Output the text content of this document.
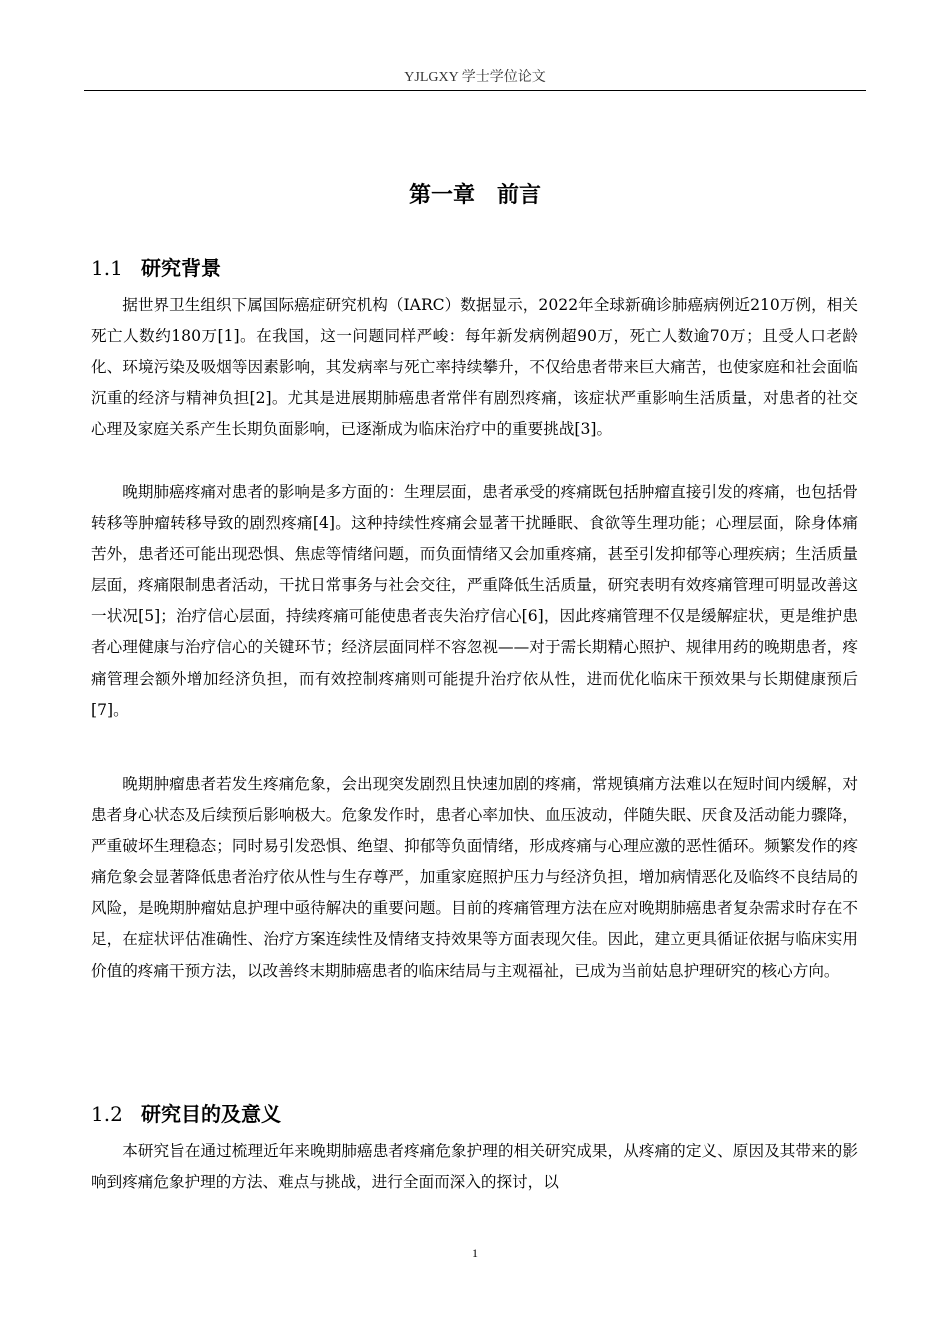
YJLGXY 学士学位论文
第一章　前言
1.1 研究背景

据世界卫生组织下属国际癌症研究机构（IARC）数据显示，2022年全球新确诊肺癌病例近210万例，相关死亡人数约180万[1]。在我国，这一问题同样严峻：每年新发病例超90万，死亡人数逾70万；且受人口老龄化、环境污染及吸烟等因素影响，其发病率与死亡率持续攀升，不仅给患者带来巨大痛苦，也使家庭和社会面临沉重的经济与精神负担[2]。尤其是进展期肺癌患者常伴有剧烈疼痛，该症状严重影响生活质量，对患者的社交心理及家庭关系产生长期负面影响，已逐渐成为临床治疗中的重要挑战[3]。

晚期肺癌疼痛对患者的影响是多方面的：生理层面，患者承受的疼痛既包括肿瘤直接引发的疼痛，也包括骨转移等肿瘤转移导致的剧烈疼痛[4]。这种持续性疼痛会显著干扰睡眠、食欲等生理功能；心理层面，除身体痛苦外，患者还可能出现恐惧、焦虑等情绪问题，而负面情绪又会加重疼痛，甚至引发抑郁等心理疾病；生活质量层面，疼痛限制患者活动，干扰日常事务与社会交往，严重降低生活质量，研究表明有效疼痛管理可明显改善这一状况[5]；治疗信心层面，持续疼痛可能使患者丧失治疗信心[6]，因此疼痛管理不仅是缓解症状，更是维护患者心理健康与治疗信心的关键环节；经济层面同样不容忽视——对于需长期精心照护、规律用药的晚期患者，疼痛管理会额外增加经济负担，而有效控制疼痛则可能提升治疗依从性，进而优化临床干预效果与长期健康预后[7]。

晚期肿瘤患者若发生疼痛危象，会出现突发剧烈且快速加剧的疼痛，常规镇痛方法难以在短时间内缓解，对患者身心状态及后续预后影响极大。危象发作时，患者心率加快、血压波动，伴随失眠、厌食及活动能力骤降，严重破坏生理稳态；同时易引发恐惧、绝望、抑郁等负面情绪，形成疼痛与心理应激的恶性循环。频繁发作的疼痛危象会显著降低患者治疗依从性与生存尊严，加重家庭照护压力与经济负担，增加病情恶化及临终不良结局的风险，是晚期肿瘤姑息护理中亟待解决的重要问题。目前的疼痛管理方法在应对晚期肺癌患者复杂需求时存在不足，在症状评估准确性、治疗方案连续性及情绪支持效果等方面表现欠佳。因此，建立更具循证依据与临床实用价值的疼痛干预方法，以改善终末期肺癌患者的临床结局与主观福祉，已成为当前姑息护理研究的核心方向。

1.2 研究目的及意义

本研究旨在通过梳理近年来晚期肺癌患者疼痛危象护理的相关研究成果，从疼痛的定义、原因及其带来的影响到疼痛危象护理的方法、难点与挑战，进行全面而深入的探讨，以

1
